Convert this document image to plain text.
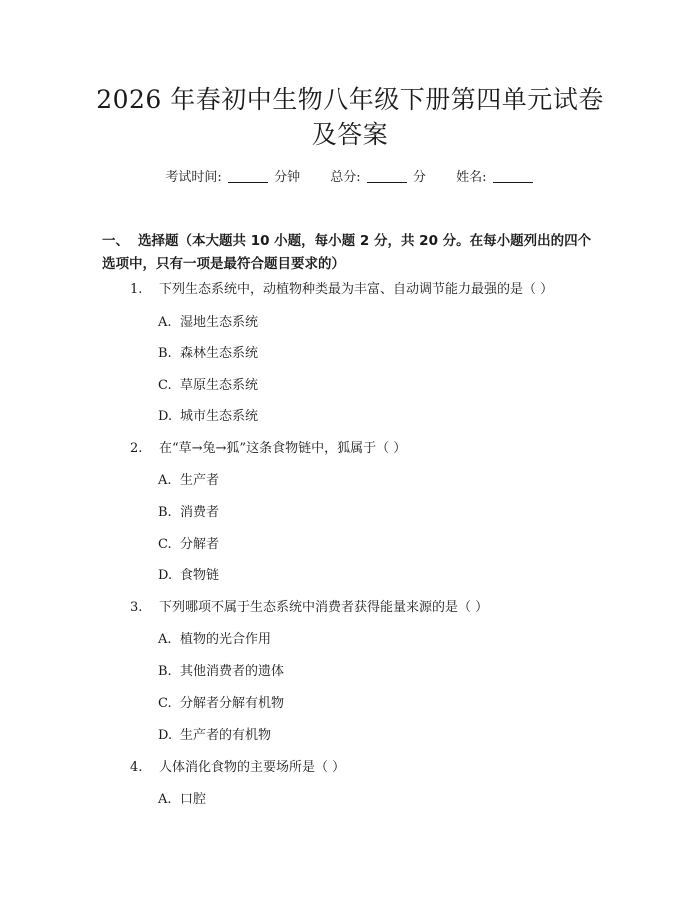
2026 年春初中生物八年级下册第四单元试卷
及答案
考试时间:	分钟 总分:	分 姓名:
一、 选择题（本大题共 10 小题，每小题 2 分，共 20 分。在每小题列出的四个选项中，只有一项是最符合题目要求的）
1. 下列生态系统中，动植物种类最为丰富、自动调节能力最强的是（ ）
A. 湿地生态系统
B. 森林生态系统
C. 草原生态系统
D. 城市生态系统
2. 在“草→兔→狐”这条食物链中，狐属于（ ）
A. 生产者
B. 消费者
C. 分解者
D. 食物链
3. 下列哪项不属于生态系统中消费者获得能量来源的是（ ）
A. 植物的光合作用
B. 其他消费者的遗体
C. 分解者分解有机物
D. 生产者的有机物
4. 人体消化食物的主要场所是（ ）
A. 口腔
